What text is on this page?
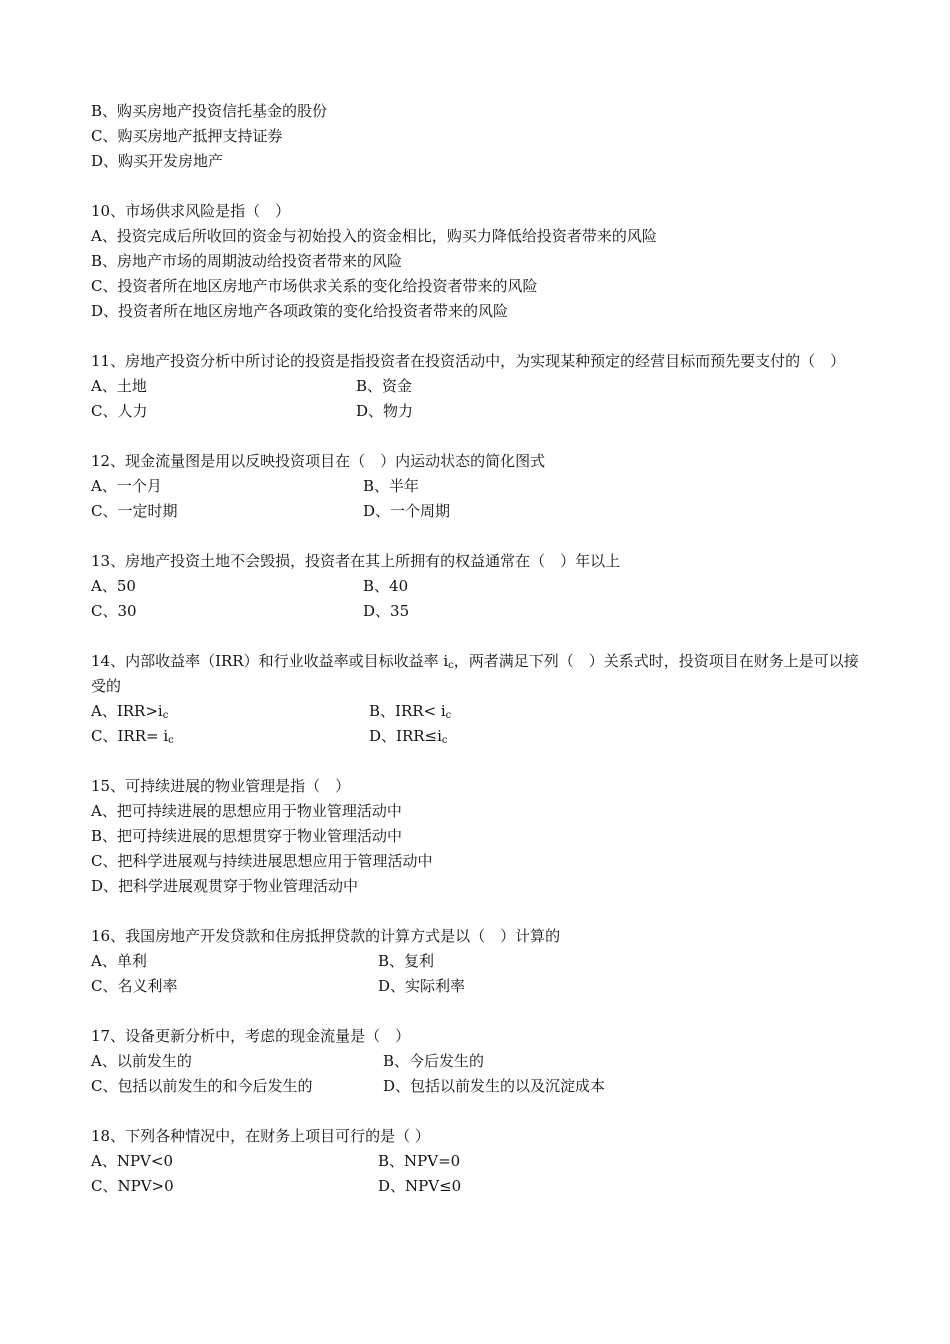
B、购买房地产投资信托基金的股份
C、购买房地产抵押支持证券
D、购买开发房地产
10、市场供求风险是指（　）
A、投资完成后所收回的资金与初始投入的资金相比，购买力降低给投资者带来的风险
B、房地产市场的周期波动给投资者带来的风险
C、投资者所在地区房地产市场供求关系的变化给投资者带来的风险
D、投资者所在地区房地产各项政策的变化给投资者带来的风险
11、房地产投资分析中所讨论的投资是指投资者在投资活动中，为实现某种预定的经营目标而预先要支付的（　）
A、土地	B、资金
C、人力	D、物力
12、现金流量图是用以反映投资项目在（　）内运动状态的简化图式
A、一个月	B、半年
C、一定时期	D、一个周期
13、房地产投资土地不会毁损，投资者在其上所拥有的权益通常在（　）年以上
A、50	B、40
C、30	D、35
14、内部收益率（IRR）和行业收益率或目标收益率 $i_c$，两者满足下列（　）关系式时，投资项目在财务上是可以接受的
A、$IRR>i_c$	B、$IRR< i_c$
C、$IRR= i_c$	D、$IRR\le i_c$
15、可持续进展的物业管理是指（　）
A、把可持续进展的思想应用于物业管理活动中
B、把可持续进展的思想贯穿于物业管理活动中
C、把科学进展观与持续进展思想应用于管理活动中
D、把科学进展观贯穿于物业管理活动中
16、我国房地产开发贷款和住房抵押贷款的计算方式是以（　）计算的
A、单利	B、复利
C、名义利率	D、实际利率
17、设备更新分析中，考虑的现金流量是（　）
A、以前发生的	B、今后发生的
C、包括以前发生的和今后发生的	D、包括以前发生的以及沉淀成本
18、下列各种情况中，在财务上项目可行的是（ ）
A、NPV<0	B、NPV=0
C、NPV>0	D、NPV≤0
